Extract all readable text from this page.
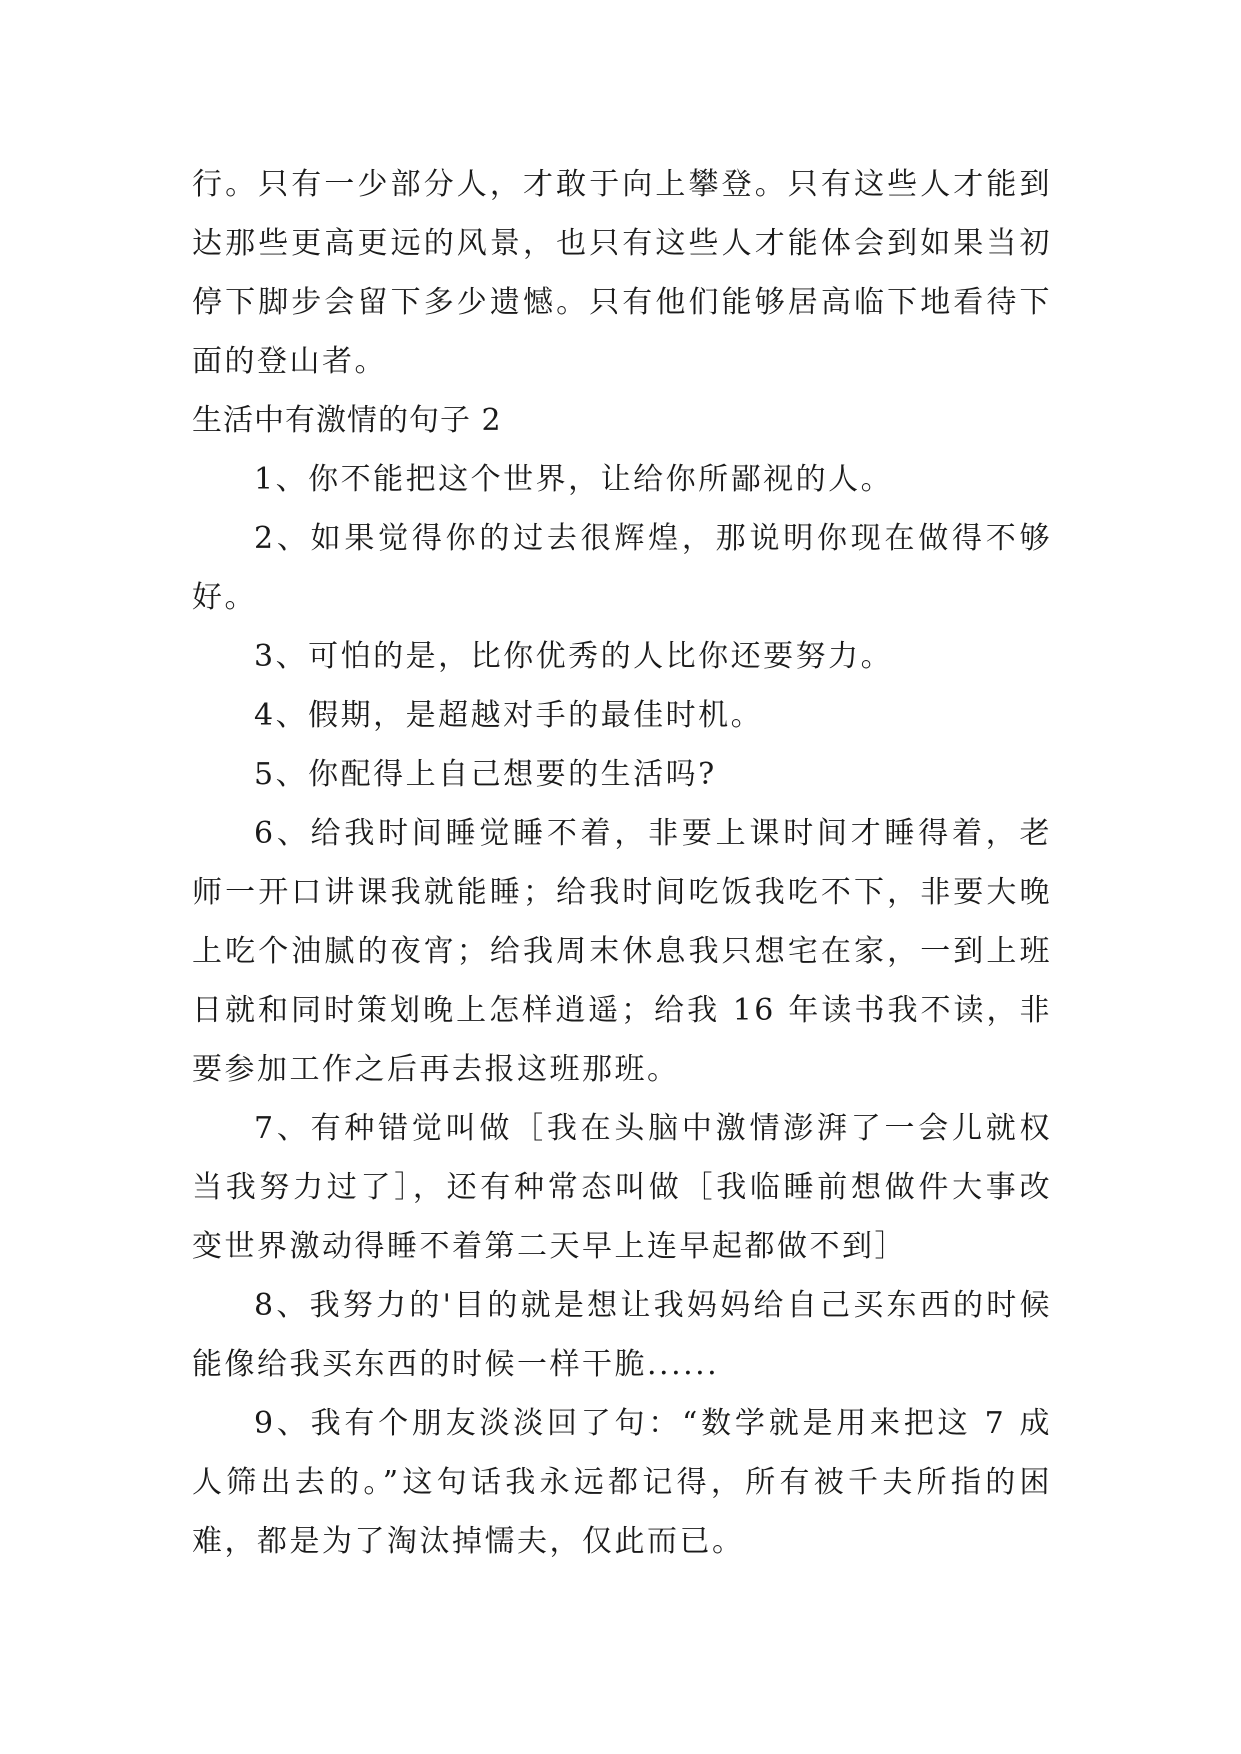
行。只有一少部分人，才敢于向上攀登。只有这些人才能到达那些更高更远的风景，也只有这些人才能体会到如果当初停下脚步会留下多少遗憾。只有他们能够居高临下地看待下面的登山者。

生活中有激情的句子 2

1、你不能把这个世界，让给你所鄙视的人。

2、如果觉得你的过去很辉煌，那说明你现在做得不够好。

3、可怕的是，比你优秀的人比你还要努力。

4、假期，是超越对手的最佳时机。

5、你配得上自己想要的生活吗?

6、给我时间睡觉睡不着，非要上课时间才睡得着，老师一开口讲课我就能睡；给我时间吃饭我吃不下，非要大晚上吃个油腻的夜宵；给我周末休息我只想宅在家，一到上班日就和同时策划晚上怎样逍遥；给我 16 年读书我不读，非要参加工作之后再去报这班那班。

7、有种错觉叫做［我在头脑中激情澎湃了一会儿就权当我努力过了］，还有种常态叫做［我临睡前想做件大事改变世界激动得睡不着第二天早上连早起都做不到］

8、我努力的'目的就是想让我妈妈给自己买东西的时候能像给我买东西的时候一样干脆......

9、我有个朋友淡淡回了句：“数学就是用来把这 7 成人筛出去的。”这句话我永远都记得，所有被千夫所指的困难，都是为了淘汰掉懦夫，仅此而已。
